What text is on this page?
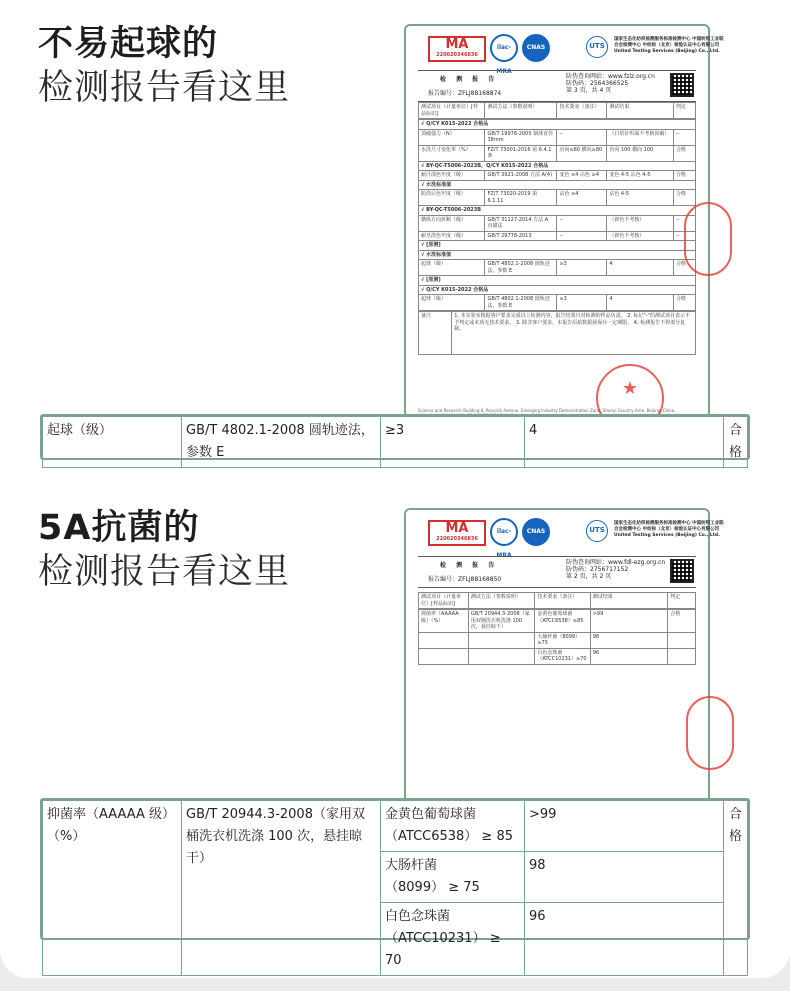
不易起球的
检测报告看这里
MA
220020346836
ilac-MRA
CNAS	UTS
国家生态化纺织检测服务标准检测中心 中国纺织工业联合会检测中心 中纺标（北京）检验认证中心有限公司 United Testing Services (Beijing) Co., Ltd.
检 测 报 告
报告编号：ZFLJ88168874
防伪查询网站：www.fzlz.org.cn
防伪码：2564366525
第 3 页，共 4 页
测试项目（计量单位）[样品标识]	测试方法（参数说明）	技术要求（备注）	测试结果	判定
√ Q/CY K015-2022 合格品				
顶破强力（N）	GB/T 19976-2005 钢球直径 38mm	--	（日常针织面不考核顶破）	--
水洗尺寸变化率（%）	FZ/T 73001-2016 第 6.4.1 条	直向≥80 横向≥80	直向 100 横向 100	合格
√ BY-QC-T5006-2023B，Q/CY K015-2022 合格品				
耐汗渍色牢度（级）	GB/T 3921-2008 方法 A(4)	变色 ≥4 沾色 ≥4	变色 4-5 沾色 4-5	合格
√ 水洗标准值				
防洗后色牢度（级）	FZ/T 73020-2019 第 6.1.11	沾色 ≥4	沾色 4-5	合格
√ BY-QC-T5006-2023B				
横纵方向折断（级）	GB/T 31127-2014 方法 A 直描法	--	（新色不考核）	--
耐皂洗色牢度（级）	GB/T 29778-2013	--	（新色不考核）	--
√ [原测]				
√ 水洗标准值				
起球（级）	GB/T 4802.1-2008 圆轨迹法，参数 E	≥3	4	合格
√ [原测]				
√ Q/CY K015-2022 合格品				
起球（级）	GB/T 4802.1-2008 圆轨迹法，参数 E	≥3	4	合格
备注	1. 本实验室根据客户要求完成以上检测内容，报告结果只对检测的样品负责。 2. 标记"-"的测试项目表示不予判定或本项无技术要求。 3. 除非客户要求，本报告原始数据须保存一定期限。 4. 检测报告不得部分复制。
Science and Research Building 8, Peacock Avenue, Emerging Industry Demonstration Zone, Shunyi Country Area, Beijing, China
★
起球（级）	GB/T 4802.1-2008 圆轨迹法，参数 E	≥3	4	合格
5A抗菌的
检测报告看这里
MA
220020346836
ilac-MRA
CNAS	UTS
国家生态化纺织检测服务标准检测中心 中国纺织工业联合会检测中心 中纺标（北京）检验认证中心有限公司 United Testing Services (Beijing) Co., Ltd.
检 测 报 告
报告编号：ZFLJ88168850
防伪查询网站：www.fdl-ezg.org.cn
防伪码：2756717152
第 2 页，共 2 页
测试项目（计量单位）[样品标识]	测试方法（参数说明）	技术要求（备注）	测试结果	判定
抑菌率（AAAAA 级）（%）	GB/T 20944.3-2008（家用双桶洗衣机洗涤 100 次，悬挂晾干）	金黄色葡萄球菌（ATCC6538）≥85	>99	合格
		大肠杆菌（8099）≥75	98	
		白色念珠菌（ATCC10231）≥70	96	
抑菌率（AAAAA 级）（%）	GB/T 20944.3-2008（家用双桶洗衣机洗涤 100 次，悬挂晾干）	金黄色葡萄球菌
（ATCC6538） ≥ 85	>99	合格

		大肠杆菌
（8099） ≥ 75	98	

		白色念珠菌
（ATCC10231） ≥ 70	96	
